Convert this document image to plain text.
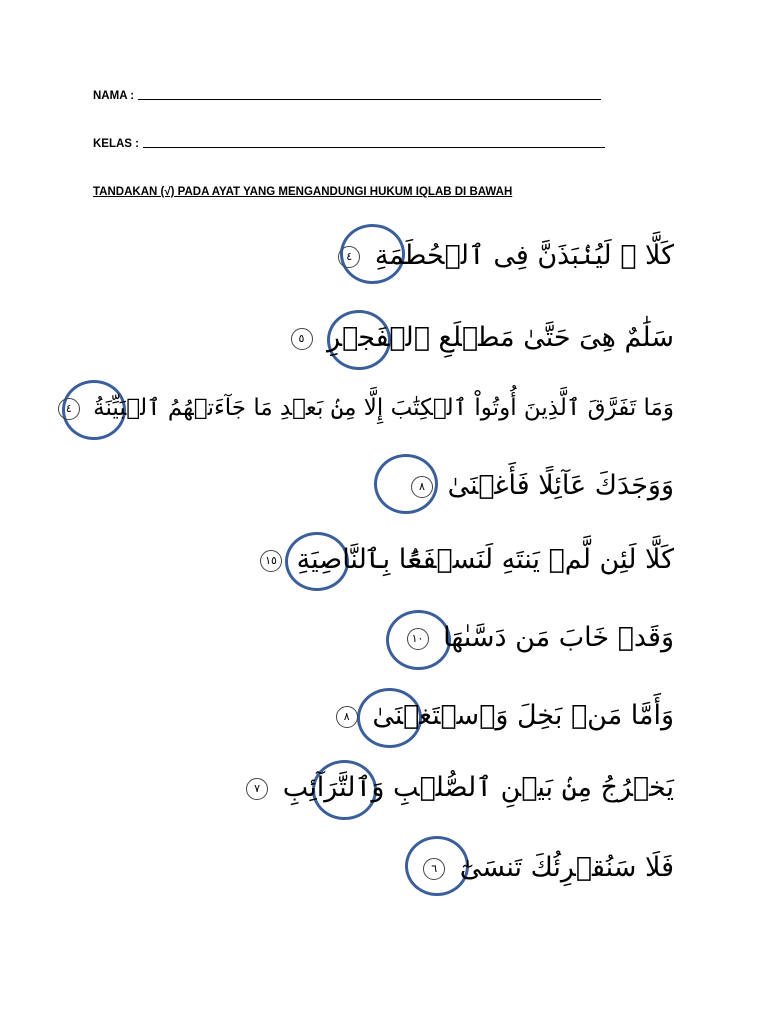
NAMA :
KELAS :
TANDAKAN (√) PADA AYAT YANG MENGANDUNGI HUKUM IQLAB DI BAWAH
كَلَّا ۖ لَيُنۢبَذَنَّ فِى ٱلۡحُطَمَةِ ٤
سَلَٰمٌ هِىَ حَتَّىٰ مَطۡلَعِ ٱلۡفَجۡرِ ٥
وَمَا تَفَرَّقَ ٱلَّذِينَ أُوتُواْ ٱلۡكِتَٰبَ إِلَّا مِنۢ بَعۡدِ مَا جَآءَتۡهُمُ ٱلۡبَيِّنَةُ ٤
وَوَجَدَكَ عَآئِلًا فَأَغۡنَىٰ ٨
كَلَّا لَئِن لَّمۡ يَنتَهِ لَنَسۡفَعًۢا بِٱلنَّاصِيَةِ ١٥
وَقَدۡ خَابَ مَن دَسَّىٰهَا ١٠
وَأَمَّا مَنۢ بَخِلَ وَٱسۡتَغۡنَىٰ ٨
يَخۡرُجُ مِنۢ بَيۡنِ ٱلصُّلۡبِ وَٱلتَّرَآئِبِ ٧
فَلَا سَنُقۡرِئُكَ تَنسَىٰٓ ٦
